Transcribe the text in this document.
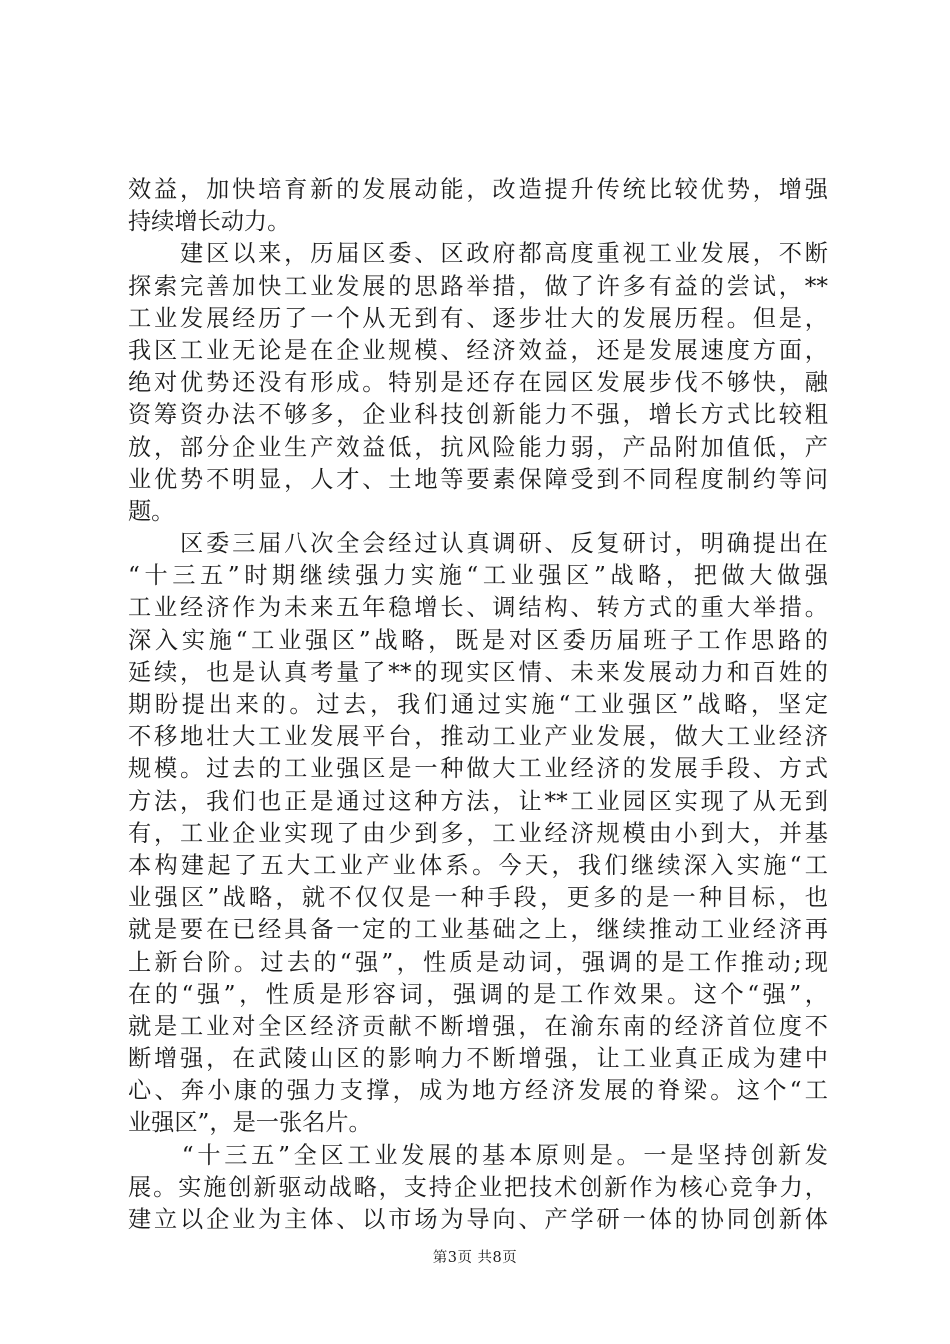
效益，加快培育新的发展动能，改造提升传统比较优势，增强
持续增长动力。
　　建区以来，历届区委、区政府都高度重视工业发展，不断
探索完善加快工业发展的思路举措，做了许多有益的尝试，**
工业发展经历了一个从无到有、逐步壮大的发展历程。但是，
我区工业无论是在企业规模、经济效益，还是发展速度方面，
绝对优势还没有形成。特别是还存在园区发展步伐不够快，融
资筹资办法不够多，企业科技创新能力不强，增长方式比较粗
放，部分企业生产效益低，抗风险能力弱，产品附加值低，产
业优势不明显，人才、土地等要素保障受到不同程度制约等问
题。
　　区委三届八次全会经过认真调研、反复研讨，明确提出在
“十三五”时期继续强力实施“工业强区”战略，把做大做强
工业经济作为未来五年稳增长、调结构、转方式的重大举措。
深入实施“工业强区”战略，既是对区委历届班子工作思路的
延续，也是认真考量了**的现实区情、未来发展动力和百姓的
期盼提出来的。过去，我们通过实施“工业强区”战略，坚定
不移地壮大工业发展平台，推动工业产业发展，做大工业经济
规模。过去的工业强区是一种做大工业经济的发展手段、方式
方法，我们也正是通过这种方法，让**工业园区实现了从无到
有，工业企业实现了由少到多，工业经济规模由小到大，并基
本构建起了五大工业产业体系。今天，我们继续深入实施“工
业强区”战略，就不仅仅是一种手段，更多的是一种目标，也
就是要在已经具备一定的工业基础之上，继续推动工业经济再
上新台阶。过去的“强”，性质是动词，强调的是工作推动;现
在的“强”，性质是形容词，强调的是工作效果。这个“强”，
就是工业对全区经济贡献不断增强，在渝东南的经济首位度不
断增强，在武陵山区的影响力不断增强，让工业真正成为建中
心、奔小康的强力支撑，成为地方经济发展的脊梁。这个“工
业强区”，是一张名片。
　　“十三五”全区工业发展的基本原则是。一是坚持创新发
展。实施创新驱动战略，支持企业把技术创新作为核心竞争力，
建立以企业为主体、以市场为导向、产学研一体的协同创新体
第3页 共8页
